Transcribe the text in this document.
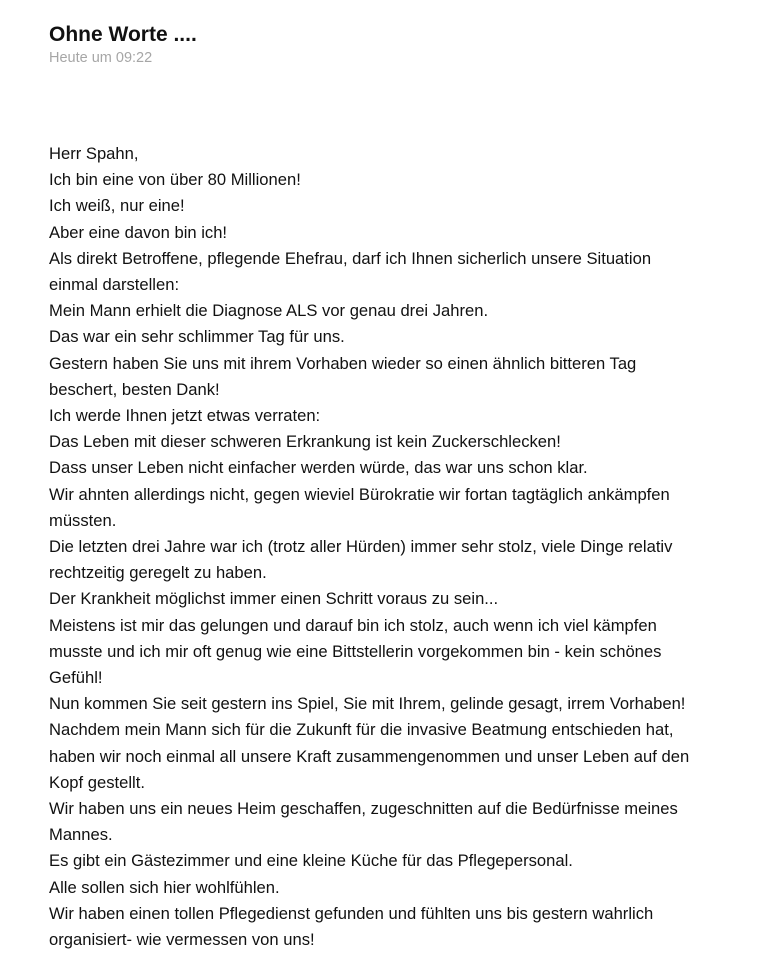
Ohne Worte ....
Heute um 09:22
Herr Spahn,
Ich bin eine von über 80 Millionen!
Ich weiß, nur eine!
Aber eine davon bin ich!
Als direkt Betroffene, pflegende Ehefrau, darf ich Ihnen sicherlich unsere Situation
einmal darstellen:
Mein Mann erhielt die Diagnose ALS vor genau drei Jahren.
Das war ein sehr schlimmer Tag für uns.
Gestern haben Sie uns mit ihrem Vorhaben wieder so einen ähnlich bitteren Tag
beschert, besten Dank!
Ich werde Ihnen jetzt etwas verraten:
Das Leben mit dieser schweren Erkrankung ist kein Zuckerschlecken!
Dass unser Leben nicht einfacher werden würde, das war uns schon klar.
Wir ahnten allerdings nicht, gegen wieviel Bürokratie wir fortan tagtäglich ankämpfen
müssten.
Die letzten drei Jahre war ich (trotz aller Hürden) immer sehr stolz, viele Dinge relativ
rechtzeitig geregelt zu haben.
Der Krankheit möglichst immer einen Schritt voraus zu sein...
Meistens ist mir das gelungen und darauf bin ich stolz, auch wenn ich viel kämpfen
musste und ich mir oft genug wie eine Bittstellerin vorgekommen bin - kein schönes
Gefühl!
Nun kommen Sie seit gestern ins Spiel, Sie mit Ihrem, gelinde gesagt, irrem Vorhaben!
Nachdem mein Mann sich für die Zukunft für die invasive Beatmung entschieden hat,
haben wir noch einmal all unsere Kraft zusammengenommen und unser Leben auf den
Kopf gestellt.
Wir haben uns ein neues Heim geschaffen, zugeschnitten auf die Bedürfnisse meines
Mannes.
Es gibt ein Gästezimmer und eine kleine Küche für das Pflegepersonal.
Alle sollen sich hier wohlfühlen.
Wir haben einen tollen Pflegedienst gefunden und fühlten uns bis gestern wahrlich
organisiert- wie vermessen von uns!
